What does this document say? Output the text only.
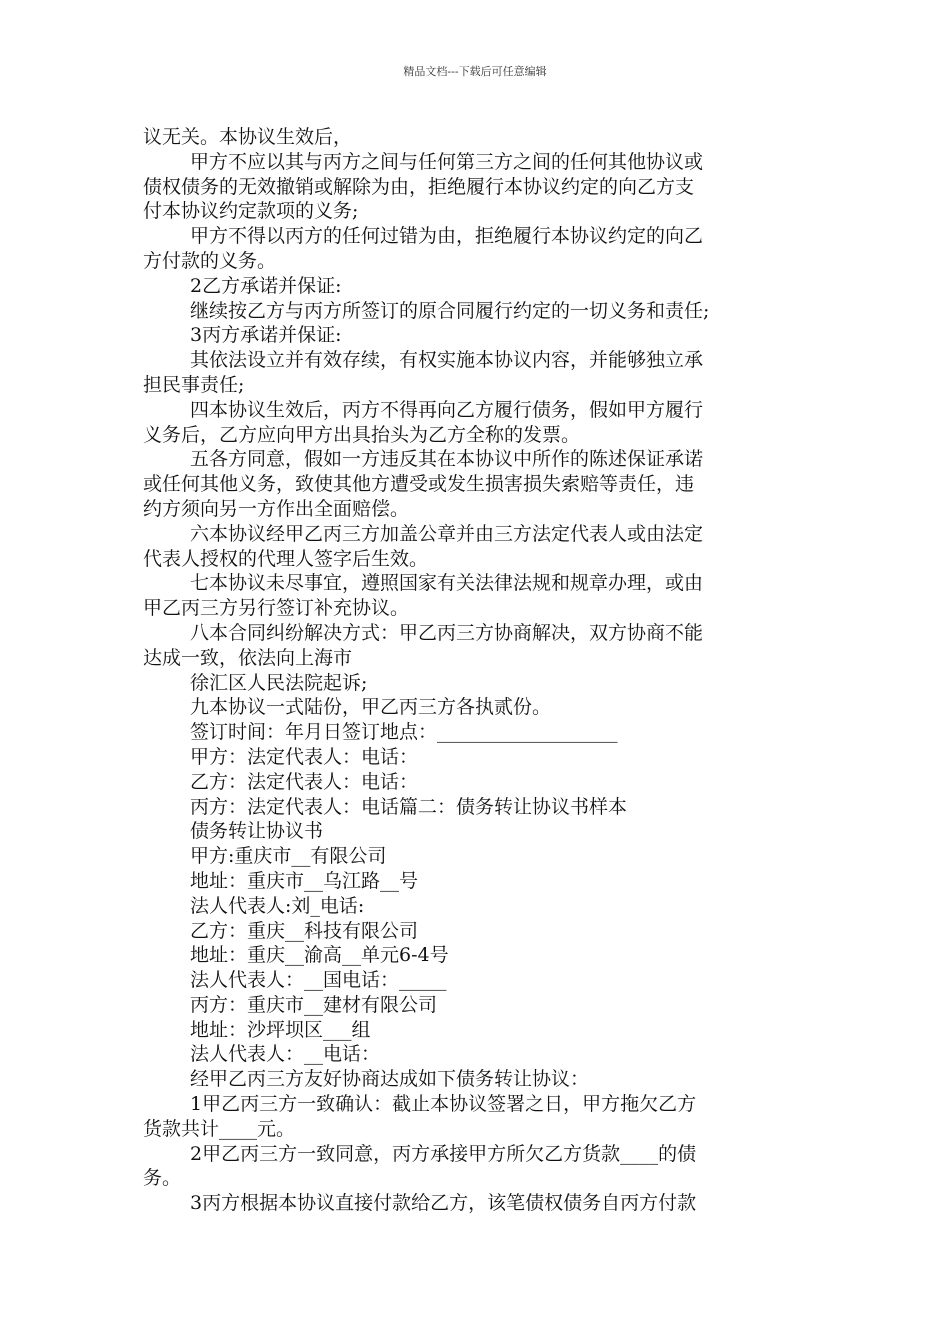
精品文档---下载后可任意编辑
议无关。本协议生效后，
甲方不应以其与丙方之间与任何第三方之间的任何其他协议或
债权债务的无效撤销或解除为由，拒绝履行本协议约定的向乙方支
付本协议约定款项的义务;
甲方不得以丙方的任何过错为由，拒绝履行本协议约定的向乙
方付款的义务。
2乙方承诺并保证:
继续按乙方与丙方所签订的原合同履行约定的一切义务和责任;
3丙方承诺并保证:
其依法设立并有效存续，有权实施本协议内容，并能够独立承
担民事责任;
四本协议生效后，丙方不得再向乙方履行债务，假如甲方履行
义务后，乙方应向甲方出具抬头为乙方全称的发票。
五各方同意，假如一方违反其在本协议中所作的陈述保证承诺
或任何其他义务，致使其他方遭受或发生损害损失索赔等责任，违
约方须向另一方作出全面赔偿。
六本协议经甲乙丙三方加盖公章并由三方法定代表人或由法定
代表人授权的代理人签字后生效。
七本协议未尽事宜，遵照国家有关法律法规和规章办理，或由
甲乙丙三方另行签订补充协议。
八本合同纠纷解决方式：甲乙丙三方协商解决，双方协商不能
达成一致，依法向上海市
徐汇区人民法院起诉;
九本协议一式陆份，甲乙丙三方各执贰份。
签订时间：年月日签订地点：___________________
甲方：法定代表人：电话：
乙方：法定代表人：电话：
丙方：法定代表人：电话篇二：债务转让协议书样本
债务转让协议书
甲方:重庆市__有限公司
地址：重庆市__乌江路__号
法人代表人:刘_电话:
乙方：重庆__科技有限公司
地址：重庆__渝高__单元6-4号
法人代表人：__国电话：_____
丙方：重庆市__建材有限公司
地址：沙坪坝区___组
法人代表人：__电话：
经甲乙丙三方友好协商达成如下债务转让协议：
1甲乙丙三方一致确认：截止本协议签署之日，甲方拖欠乙方
货款共计____元。
2甲乙丙三方一致同意，丙方承接甲方所欠乙方货款____的债
务。
3丙方根据本协议直接付款给乙方，该笔债权债务自丙方付款
